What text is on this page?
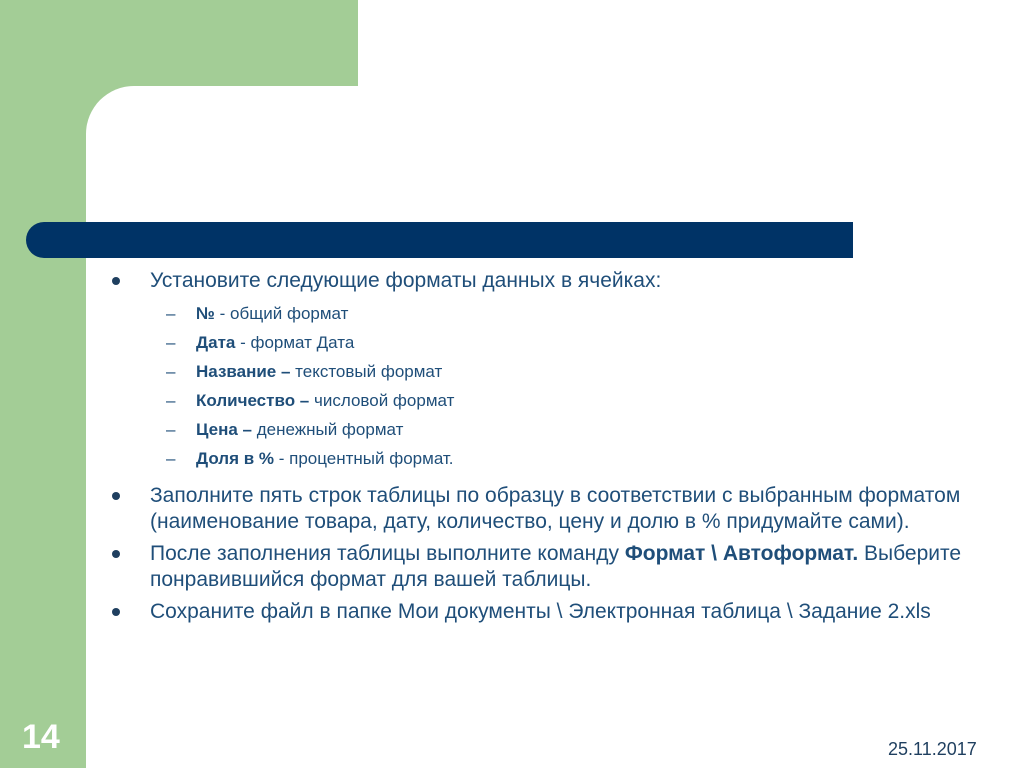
Установите следующие форматы данных в ячейках:
– № - общий формат
– Дата - формат Дата
– Название – текстовый формат
– Количество – числовой формат
– Цена – денежный формат
– Доля в % - процентный формат.
Заполните пять строк таблицы по образцу в соответствии с выбранным форматом (наименование товара, дату, количество, цену и долю в % придумайте сами).
После заполнения таблицы выполните команду Формат \ Автоформат. Выберите понравившийся формат для вашей таблицы.
Сохраните файл в папке Мои документы \ Электронная таблица \ Задание 2.xls
14	25.11.2017
